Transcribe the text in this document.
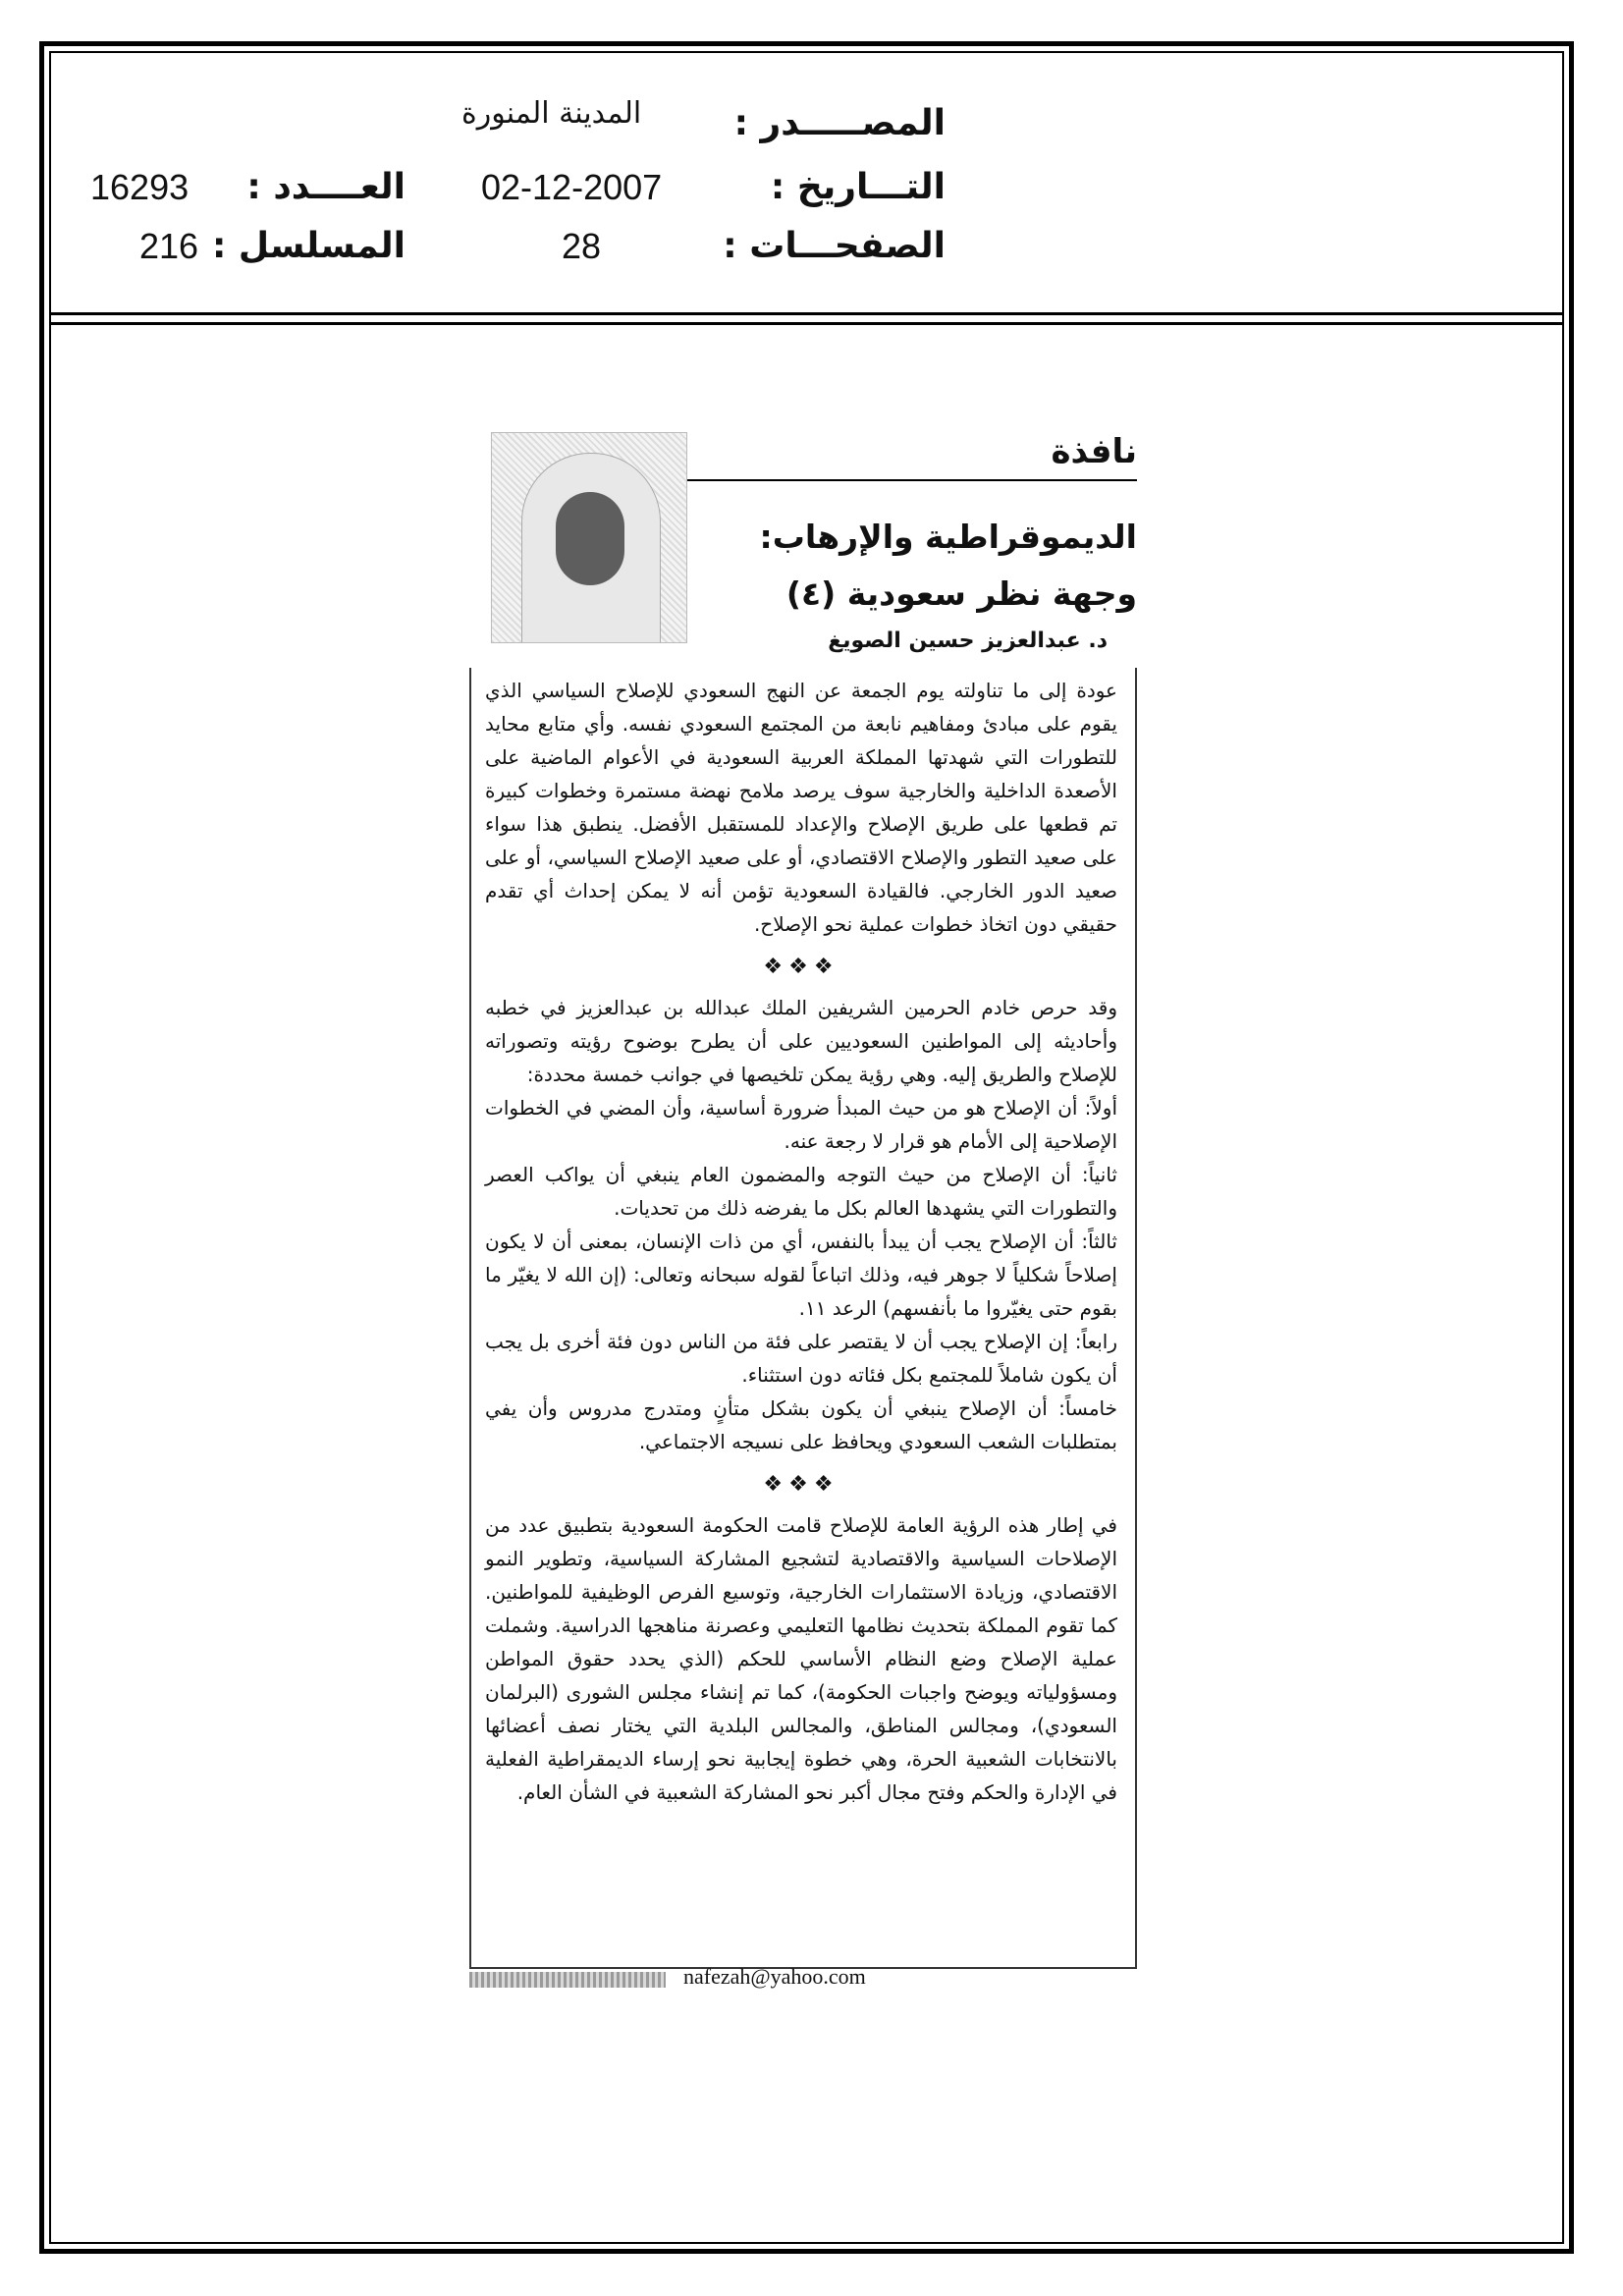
المصـــــدر :
المدينة المنورة
التـــاريخ :
02-12-2007
العــــدد :
16293
الصفحـــات :
28
المسلسل :
216
نافذة
الديموقراطية والإرهاب: وجهة نظر سعودية (٤)
د. عبدالعزيز حسين الصويغ

عودة إلى ما تناولته يوم الجمعة عن النهج السعودي للإصلاح السياسي الذي يقوم على مبادئ ومفاهيم نابعة من المجتمع السعودي نفسه. وأي متابع محايد للتطورات التي شهدتها المملكة العربية السعودية في الأعوام الماضية على الأصعدة الداخلية والخارجية سوف يرصد ملامح نهضة مستمرة وخطوات كبيرة تم قطعها على طريق الإصلاح والإعداد للمستقبل الأفضل. ينطبق هذا سواء على صعيد التطور والإصلاح الاقتصادي، أو على صعيد الإصلاح السياسي، أو على صعيد الدور الخارجي. فالقيادة السعودية تؤمن أنه لا يمكن إحداث أي تقدم حقيقي دون اتخاذ خطوات عملية نحو الإصلاح.

❖❖❖

وقد حرص خادم الحرمين الشريفين الملك عبدالله بن عبدالعزيز في خطبه وأحاديثه إلى المواطنين السعوديين على أن يطرح بوضوح رؤيته وتصوراته للإصلاح والطريق إليه. وهي رؤية يمكن تلخيصها في جوانب خمسة محددة:

أولاً: أن الإصلاح هو من حيث المبدأ ضرورة أساسية، وأن المضي في الخطوات الإصلاحية إلى الأمام هو قرار لا رجعة عنه.

ثانياً: أن الإصلاح من حيث التوجه والمضمون العام ينبغي أن يواكب العصر والتطورات التي يشهدها العالم بكل ما يفرضه ذلك من تحديات.

ثالثاً: أن الإصلاح يجب أن يبدأ بالنفس، أي من ذات الإنسان، بمعنى أن لا يكون إصلاحاً شكلياً لا جوهر فيه، وذلك اتباعاً لقوله سبحانه وتعالى: (إن الله لا يغيّر ما بقوم حتى يغيّروا ما بأنفسهم) الرعد ١١.

رابعاً: إن الإصلاح يجب أن لا يقتصر على فئة من الناس دون فئة أخرى بل يجب أن يكون شاملاً للمجتمع بكل فئاته دون استثناء.

خامساً: أن الإصلاح ينبغي أن يكون بشكل متأنٍ ومتدرج مدروس وأن يفي بمتطلبات الشعب السعودي ويحافظ على نسيجه الاجتماعي.

❖❖❖

في إطار هذه الرؤية العامة للإصلاح قامت الحكومة السعودية بتطبيق عدد من الإصلاحات السياسية والاقتصادية لتشجيع المشاركة السياسية، وتطوير النمو الاقتصادي، وزيادة الاستثمارات الخارجية، وتوسيع الفرص الوظيفية للمواطنين. كما تقوم المملكة بتحديث نظامها التعليمي وعصرنة مناهجها الدراسية. وشملت عملية الإصلاح وضع النظام الأساسي للحكم (الذي يحدد حقوق المواطن ومسؤولياته ويوضح واجبات الحكومة)، كما تم إنشاء مجلس الشورى (البرلمان السعودي)، ومجالس المناطق، والمجالس البلدية التي يختار نصف أعضائها بالانتخابات الشعبية الحرة، وهي خطوة إيجابية نحو إرساء الديمقراطية الفعلية في الإدارة والحكم وفتح مجال أكبر نحو المشاركة الشعبية في الشأن العام.

nafezah@yahoo.com
